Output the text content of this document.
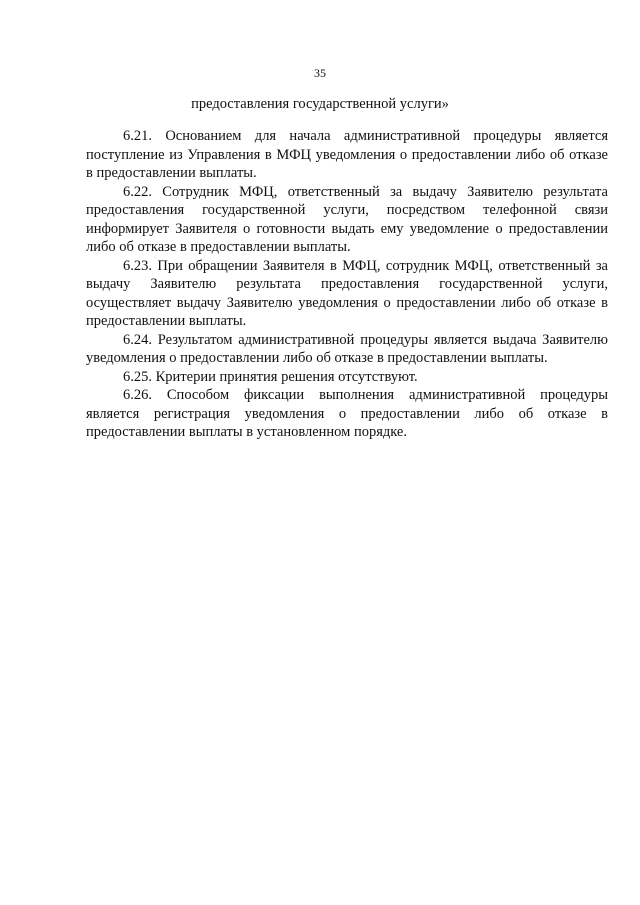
35
предоставления государственной услуги»

6.21. Основанием для начала административной процедуры является поступление из Управления в МФЦ уведомления о предоставлении либо об отказе в предоставлении выплаты.

6.22. Сотрудник МФЦ, ответственный за выдачу Заявителю результата предоставления государственной услуги, посредством телефонной связи информирует Заявителя о готовности выдать ему уведомление о предоставлении либо об отказе в предоставлении выплаты.

6.23. При обращении Заявителя в МФЦ, сотрудник МФЦ, ответственный за выдачу Заявителю результата предоставления государственной услуги, осуществляет выдачу Заявителю уведомления о предоставлении либо об отказе в предоставлении выплаты.

6.24. Результатом административной процедуры является выдача Заявителю уведомления о предоставлении либо об отказе в предоставлении выплаты.

6.25. Критерии принятия решения отсутствуют.

6.26. Способом фиксации выполнения административной процедуры является регистрация уведомления о предоставлении либо об отказе в предоставлении выплаты в установленном порядке.
